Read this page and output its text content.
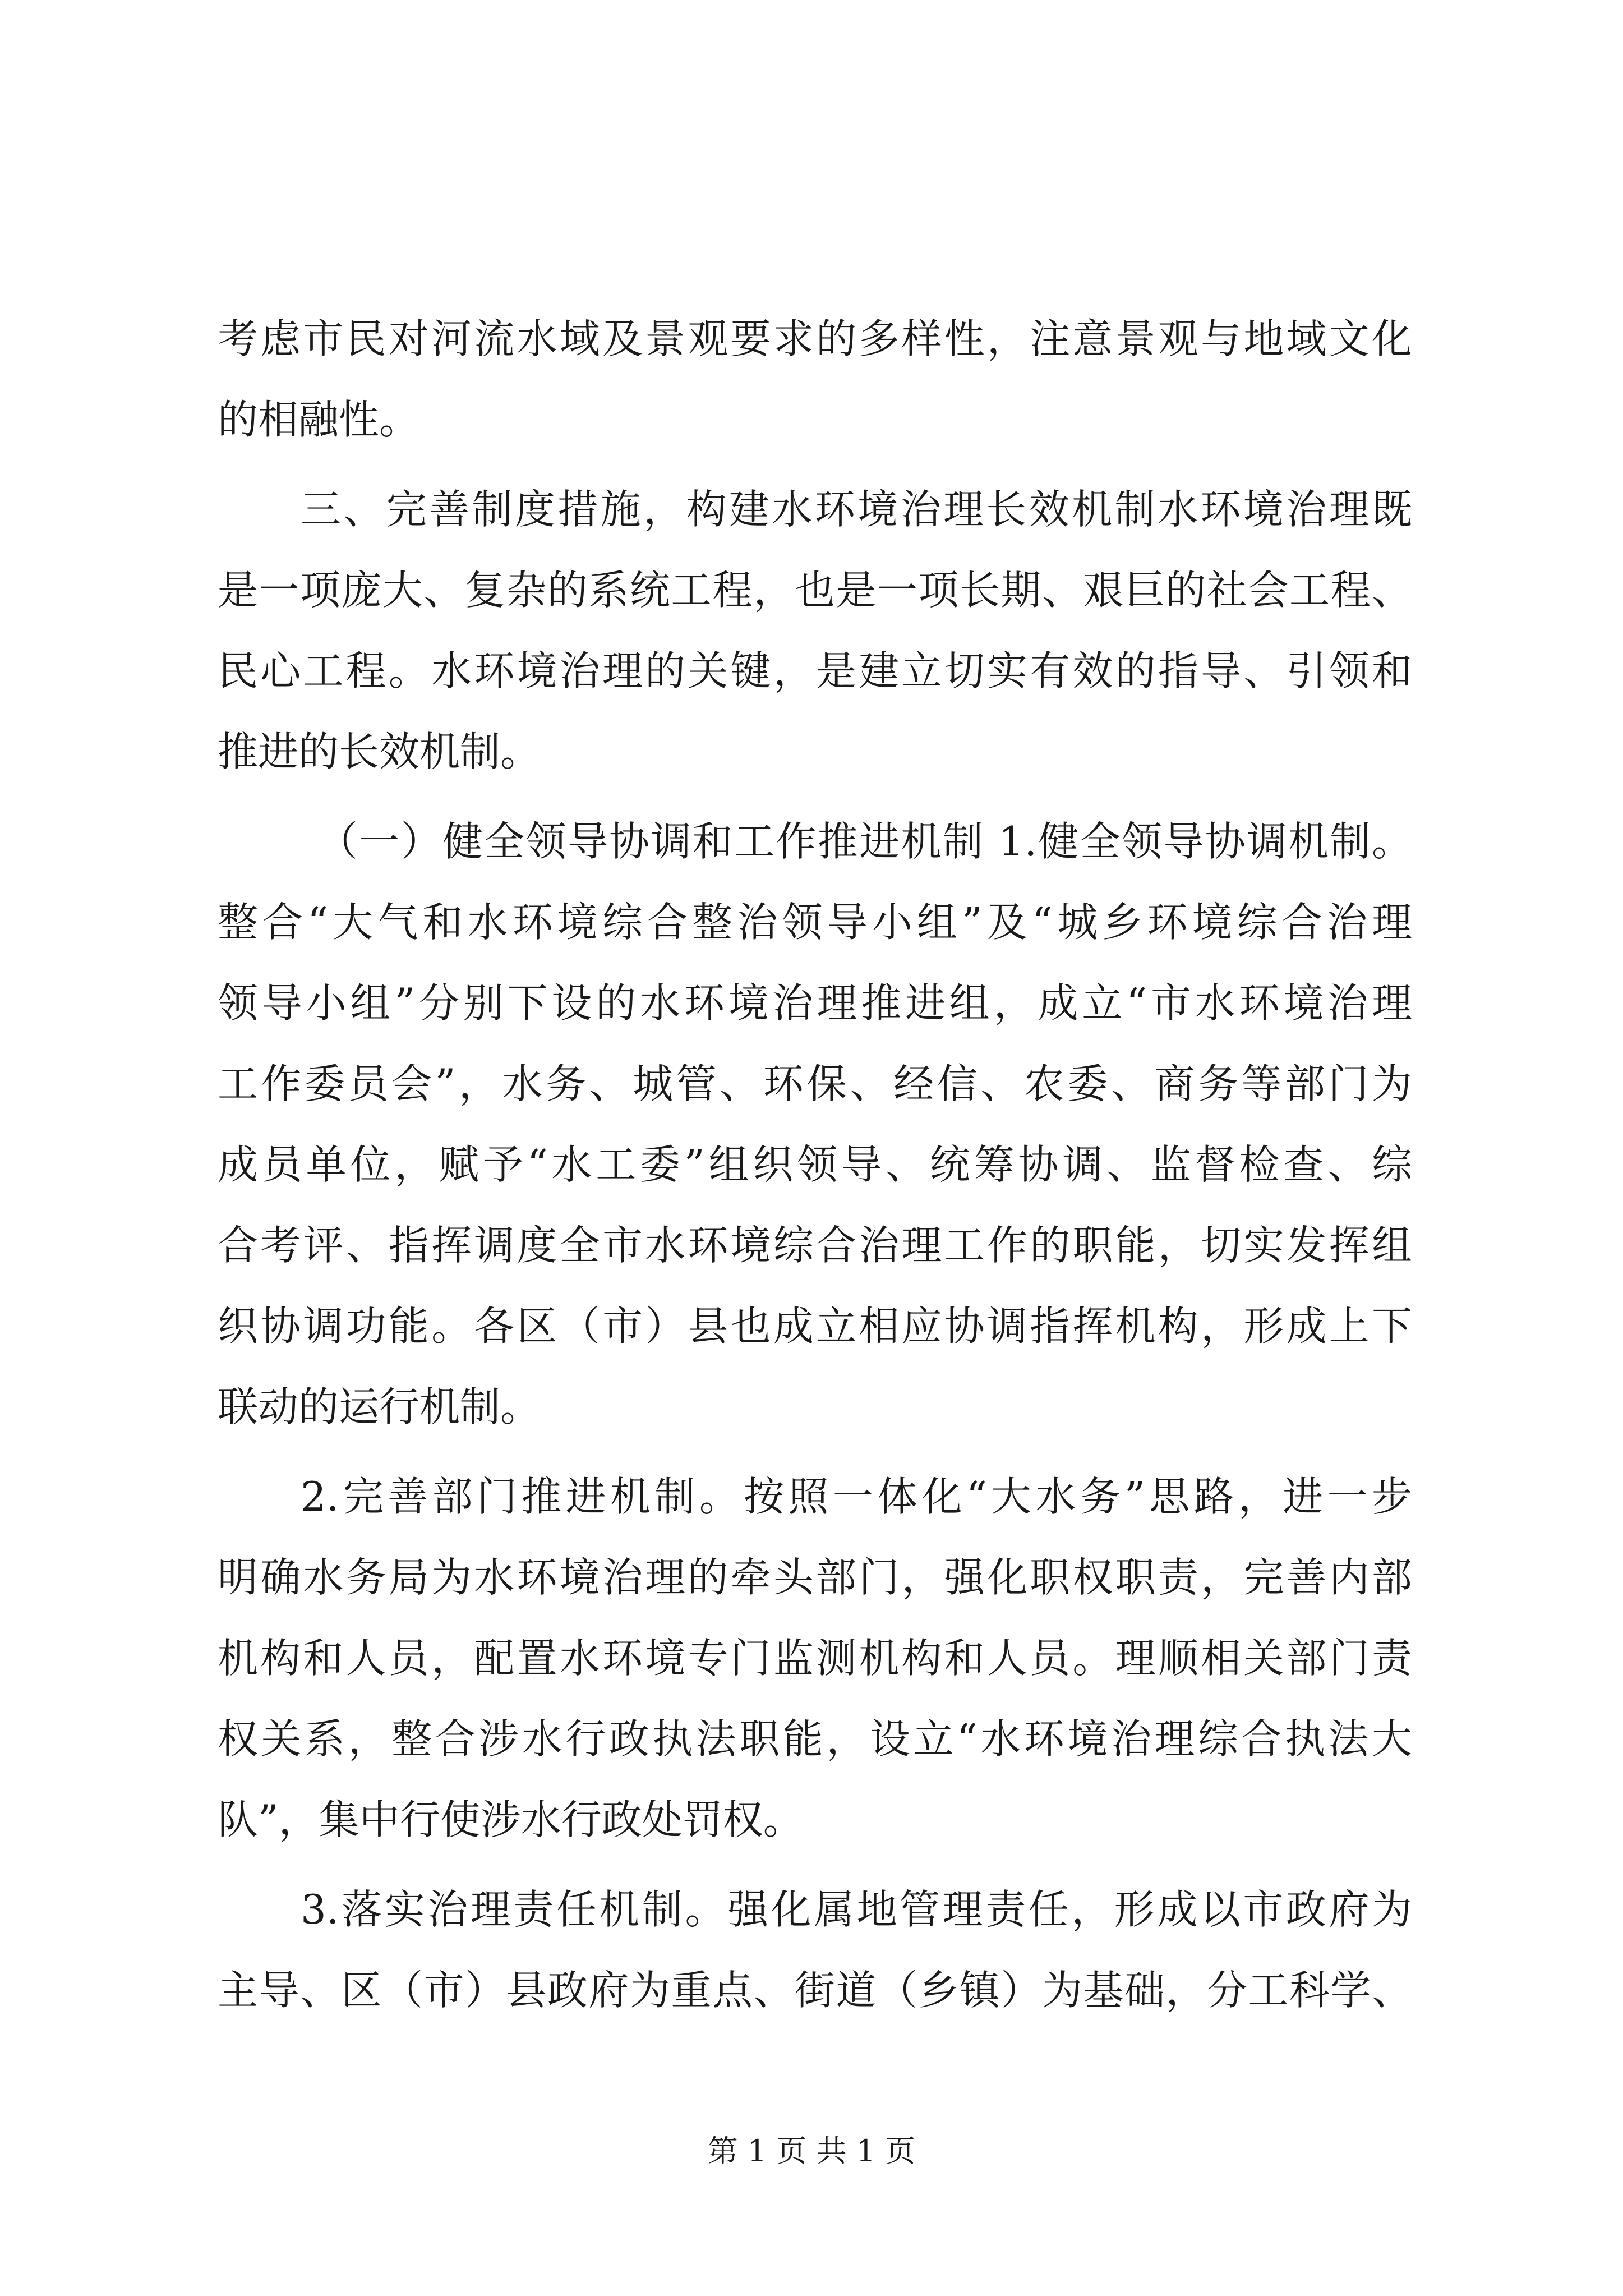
考虑市民对河流水域及景观要求的多样性，注意景观与地域文化
的相融性。
三、完善制度措施，构建水环境治理长效机制水环境治理既
是一项庞大、复杂的系统工程，也是一项长期、艰巨的社会工程、
民心工程。水环境治理的关键，是建立切实有效的指导、引领和
推进的长效机制。
（一）健全领导协调和工作推进机制 1.健全领导协调机制。
整合“大气和水环境综合整治领导小组”及“城乡环境综合治理
领导小组”分别下设的水环境治理推进组，成立“市水环境治理
工作委员会”，水务、城管、环保、经信、农委、商务等部门为
成员单位，赋予“水工委”组织领导、统筹协调、监督检查、综
合考评、指挥调度全市水环境综合治理工作的职能，切实发挥组
织协调功能。各区（市）县也成立相应协调指挥机构，形成上下
联动的运行机制。
2.完善部门推进机制。按照一体化“大水务”思路，进一步
明确水务局为水环境治理的牵头部门，强化职权职责，完善内部
机构和人员，配置水环境专门监测机构和人员。理顺相关部门责
权关系，整合涉水行政执法职能，设立“水环境治理综合执法大
队”，集中行使涉水行政处罚权。
3.落实治理责任机制。强化属地管理责任，形成以市政府为
主导、区（市）县政府为重点、街道（乡镇）为基础，分工科学、
第 1 页 共 1 页
